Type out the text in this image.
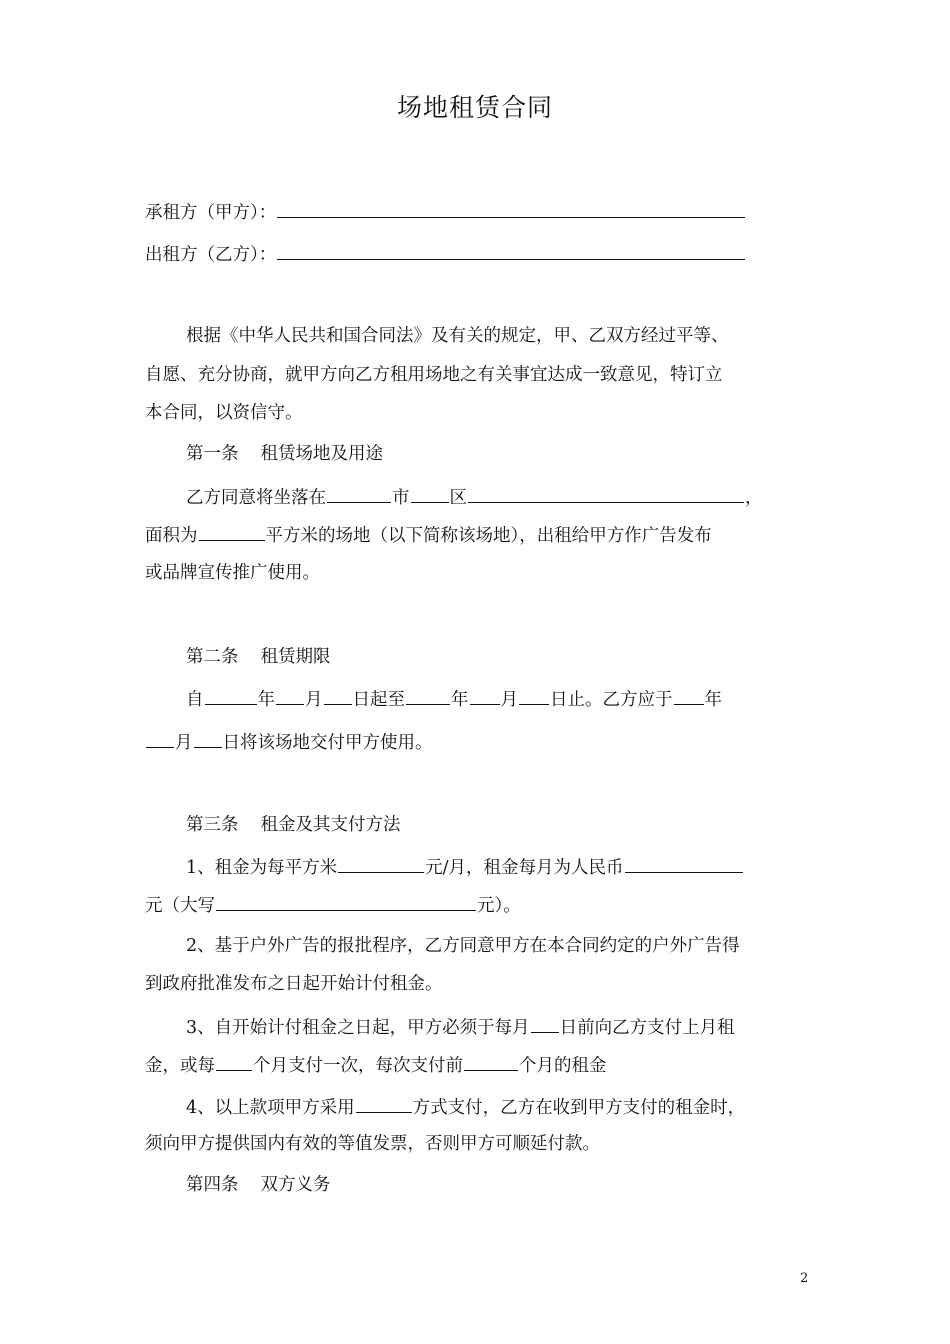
场地租赁合同
承租方（甲方）：
出租方（乙方）：
根据《中华人民共和国合同法》及有关的规定，甲、乙双方经过平等、
自愿、充分协商，就甲方向乙方租用场地之有关事宜达成一致意见，特订立
本合同，以资信守。
第一条 租赁场地及用途
乙方同意将坐落在	市 区	，
面积为	平方米的场地（以下简称该场地），出租给甲方作广告发布
或品牌宣传推广使用。
第二条 租赁期限
自	年 月 日起至	年 月 日止。乙方应于 年
月 日将该场地交付甲方使用。
第三条 租金及其支付方法
1、租金为每平方米	元/月，租金每月为人民币
元（大写	元）。
2、基于户外广告的报批程序，乙方同意甲方在本合同约定的户外广告得
到政府批准发布之日起开始计付租金。
3、自开始计付租金之日起，甲方必须于每月 日前向乙方支付上月租
金，或每 个月支付一次，每次支付前	个月的租金
4、以上款项甲方采用	方式支付，乙方在收到甲方支付的租金时，
须向甲方提供国内有效的等值发票，否则甲方可顺延付款。
第四条 双方义务
2
